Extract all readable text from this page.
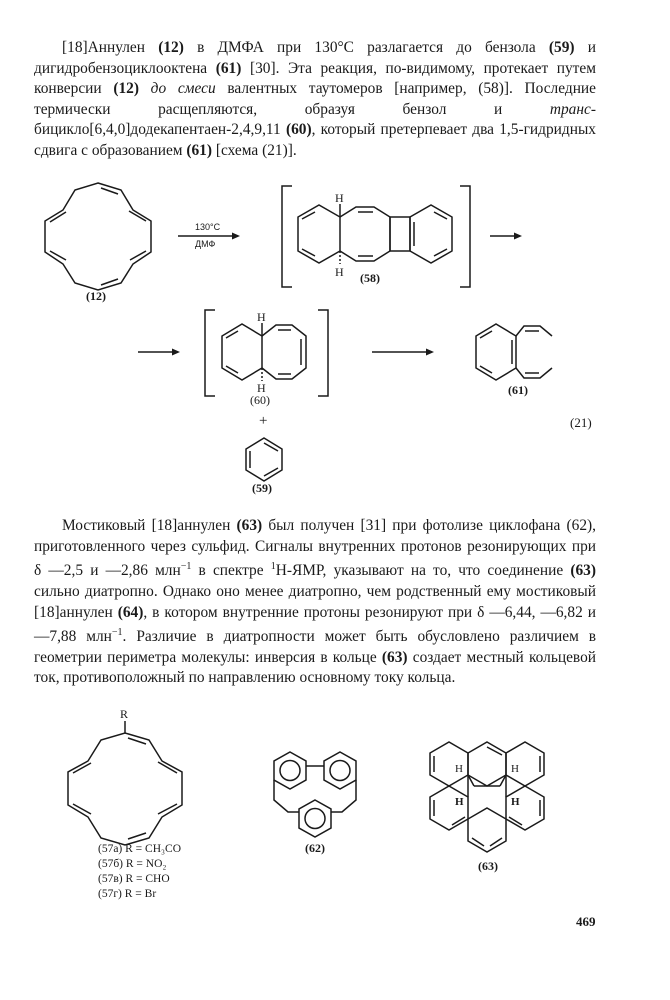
[18]Аннулен (12) в ДМФА при 130°С разлагается до бензола (59) и дигидробензоциклооктена (61) [30]. Эта реакция, по-видимому, протекает путем конверсии (12) до смеси валентных таутомеров [например, (58)]. Последние термически расщепляются, образуя бензол и транс-бицикло[6,4,0]додекапентаен-2,4,9,11 (60), который претерпевает два 1,5-гидридных сдвига с образованием (61) [схема (21)].

(12)
130°С
ДМФ
H
H (58)
H
H
(60)
+
(59)
(61)
(21)
R
(62)
H	H
H	H
(63)

Мостиковый [18]аннулен (63) был получен [31] при фотолизе циклофана (62), приготовленного через сульфид. Сигналы внутренних протонов резонирующих при δ —2,5 и —2,86 млн$^{-1}$ в спектре $^1$H-ЯМР, указывают на то, что соединение (63) сильно диатропно. Однако оно менее диатропно, чем родственный ему мостиковый [18]аннулен (64), в котором внутренние протоны резонируют при δ —6,44, —6,82 и —7,88 млн$^{-1}$. Различие в диатропности может быть обусловлено различием в геометрии периметра молекулы: инверсия в кольце (63) создает местный кольцевой ток, противоположный по направлению основному току кольца.

(57а) R = CH₃CO
(57б) R = NO₂
(57в) R = CHO
(57г) R = Br
469
